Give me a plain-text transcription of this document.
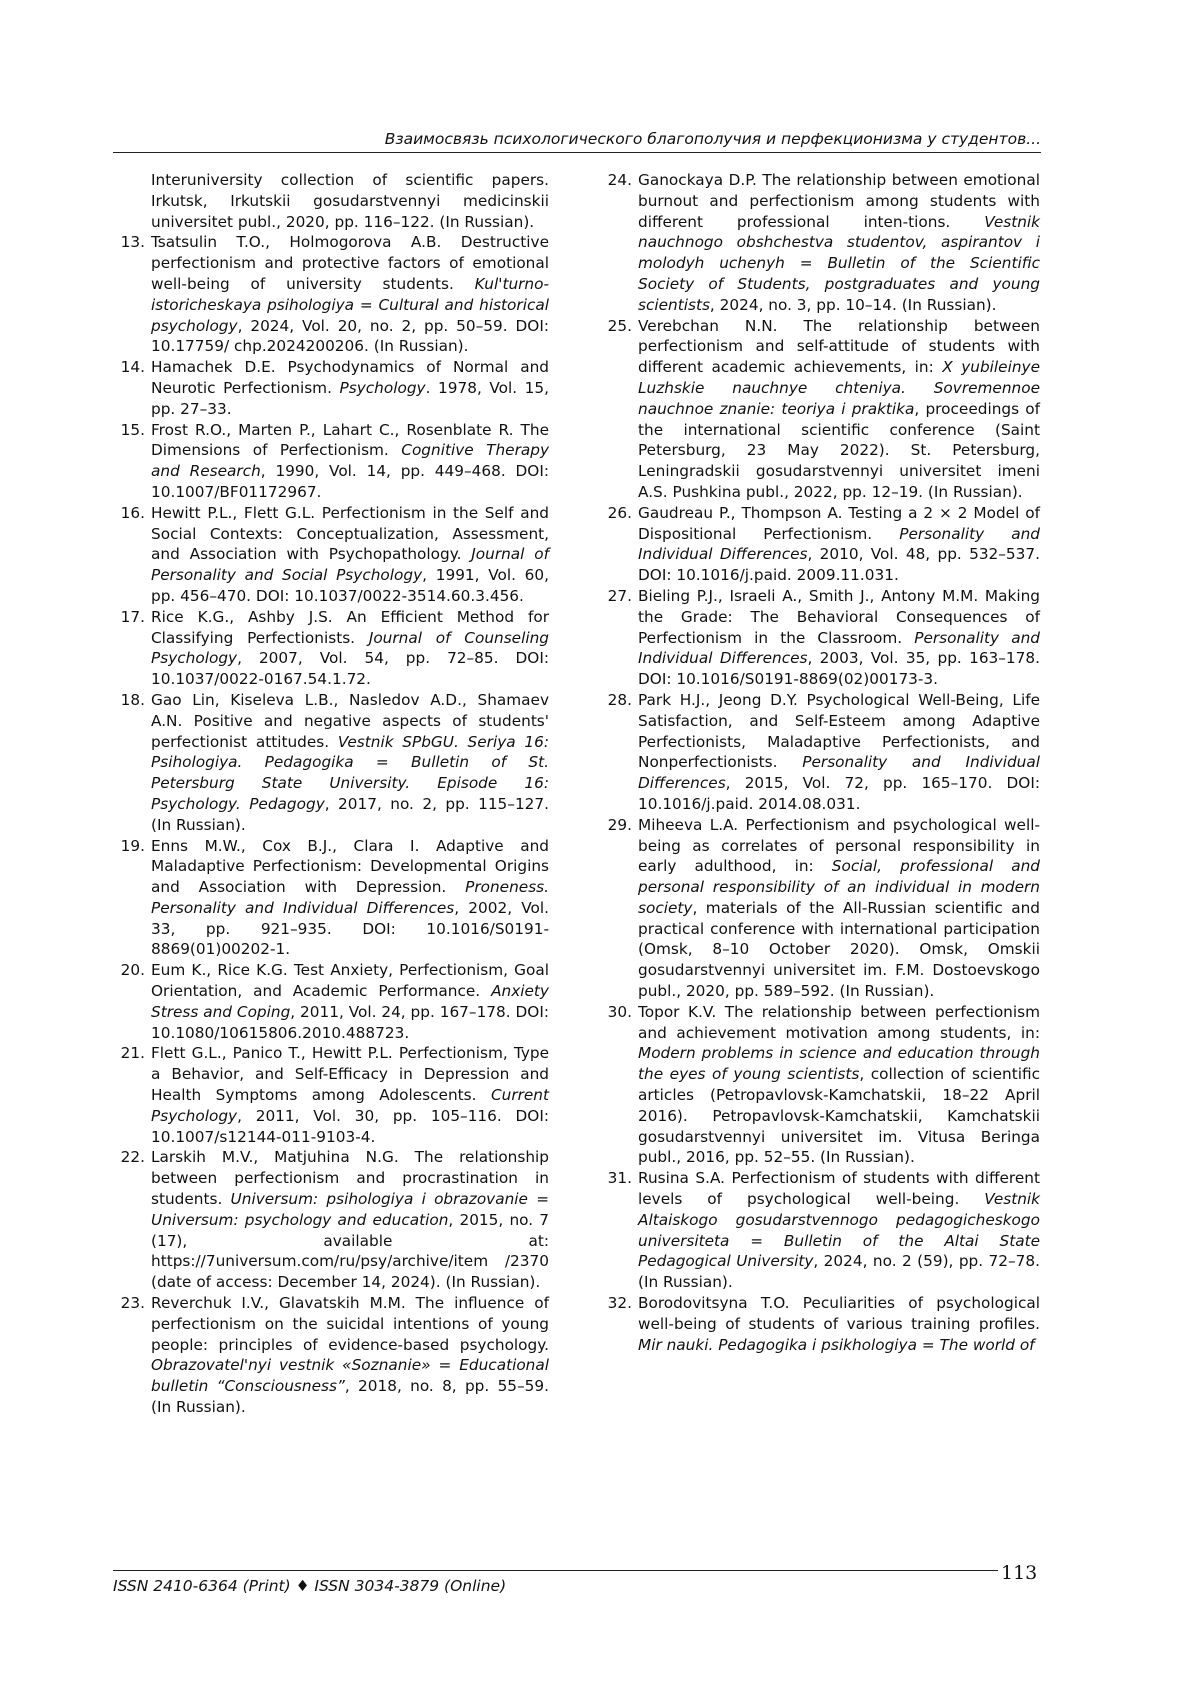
Взаимосвязь психологического благополучия и перфекционизма у студентов...

Interuniversity collection of scientific papers. Irkutsk, Irkutskii gosudarstvennyi medicinskii universitet publ., 2020, pp. 116–122. (In Russian).

13. Tsatsulin T.O., Holmogorova A.B. Destructive perfectionism and protective factors of emotional well-being of university students. Kul'turno-istoricheskaya psihologiya = Cultural and historical psychology, 2024, Vol. 20, no. 2, pp. 50–59. DOI: 10.17759/ chp.2024200206. (In Russian).

14. Hamachek D.E. Psychodynamics of Normal and Neurotic Perfectionism. Psychology. 1978, Vol. 15, pp. 27–33.

15. Frost R.O., Marten P., Lahart C., Rosenblate R. The Dimensions of Perfectionism. Cognitive Therapy and Research, 1990, Vol. 14, pp. 449–468. DOI: 10.1007/BF01172967.

16. Hewitt P.L., Flett G.L. Perfectionism in the Self and Social Contexts: Conceptualization, Assessment, and Association with Psychopathology. Journal of Personality and Social Psychology, 1991, Vol. 60, pp. 456–470. DOI: 10.1037/0022-3514.60.3.456.

17. Rice K.G., Ashby J.S. An Efficient Method for Classifying Perfectionists. Journal of Counseling Psychology, 2007, Vol. 54, pp. 72–85. DOI: 10.1037/0022-0167.54.1.72.

18. Gao Lin, Kiseleva L.B., Nasledov A.D., Shamaev A.N. Positive and negative aspects of students' perfectionist attitudes. Vestnik SPbGU. Seriya 16: Psihologiya. Pedagogika = Bulletin of St. Petersburg State University. Episode 16: Psychology. Pedagogy, 2017, no. 2, pp. 115–127. (In Russian).

19. Enns M.W., Cox B.J., Clara I. Adaptive and Maladaptive Perfectionism: Developmental Origins and Association with Depression. Proneness. Personality and Individual Differences, 2002, Vol. 33, pp. 921–935. DOI: 10.1016/S0191-8869(01)00202-1.

20. Eum K., Rice K.G. Test Anxiety, Perfectionism, Goal Orientation, and Academic Performance. Anxiety Stress and Coping, 2011, Vol. 24, pp. 167–178. DOI: 10.1080/10615806.2010.488723.

21. Flett G.L., Panico T., Hewitt P.L. Perfectionism, Type a Behavior, and Self-Efficacy in Depression and Health Symptoms among Adolescents. Current Psychology, 2011, Vol. 30, pp. 105–116. DOI: 10.1007/s12144-011-9103-4.

22. Larskih M.V., Matjuhina N.G. The relationship between perfectionism and procrastination in students. Universum: psihologiya i obrazovanie = Universum: psychology and education, 2015, no. 7 (17), available at: https://7universum.com/ru/psy/archive/item /2370 (date of access: December 14, 2024). (In Russian).

23. Reverchuk I.V., Glavatskih M.M. The influence of perfectionism on the suicidal intentions of young people: principles of evidence-based psychology. Obrazovatel'nyi vestnik «Soznanie» = Educational bulletin “Consciousness”, 2018, no. 8, pp. 55–59. (In Russian).

24. Ganockaya D.P. The relationship between emotional burnout and perfectionism among students with different professional inten-tions. Vestnik nauchnogo obshchestva studentov, aspirantov i molodyh uchenyh = Bulletin of the Scientific Society of Students, postgraduates and young scientists, 2024, no. 3, pp. 10–14. (In Russian).

25. Verebchan N.N. The relationship between perfectionism and self-attitude of students with different academic achievements, in: X yubileinye Luzhskie nauchnye chteniya. Sovremennoe nauchnoe znanie: teoriya i praktika, proceedings of the international scientific conference (Saint Petersburg, 23 May 2022). St. Petersburg, Leningradskii gosudarstvennyi universitet imeni A.S. Pushkina publ., 2022, pp. 12–19. (In Russian).

26. Gaudreau P., Thompson A. Testing a 2 × 2 Model of Dispositional Perfectionism. Personality and Individual Differences, 2010, Vol. 48, pp. 532–537. DOI: 10.1016/j.paid. 2009.11.031.

27. Bieling P.J., Israeli A., Smith J., Antony M.M. Making the Grade: The Behavioral Consequences of Perfectionism in the Classroom. Personality and Individual Differences, 2003, Vol. 35, pp. 163–178. DOI: 10.1016/S0191-8869(02)00173-3.

28. Park H.J., Jeong D.Y. Psychological Well-Being, Life Satisfaction, and Self-Esteem among Adaptive Perfectionists, Maladaptive Perfectionists, and Nonperfectionists. Personality and Individual Differences, 2015, Vol. 72, pp. 165–170. DOI: 10.1016/j.paid. 2014.08.031.

29. Miheeva L.A. Perfectionism and psychological well-being as correlates of personal responsibility in early adulthood, in: Social, professional and personal responsibility of an individual in modern society, materials of the All-Russian scientific and practical conference with international participation (Omsk, 8–10 October 2020). Omsk, Omskii gosudarstvennyi universitet im. F.M. Dostoevskogo publ., 2020, pp. 589–592. (In Russian).

30. Topor K.V. The relationship between perfectionism and achievement motivation among students, in: Modern problems in science and education through the eyes of young scientists, collection of scientific articles (Petropavlovsk-Kamchatskii, 18–22 April 2016). Petropavlovsk-Kamchatskii, Kamchatskii gosudarstvennyi universitet im. Vitusa Beringa publ., 2016, pp. 52–55. (In Russian).

31. Rusina S.A. Perfectionism of students with different levels of psychological well-being. Vestnik Altaiskogo gosudarstvennogo pedagogicheskogo universiteta = Bulletin of the Altai State Pedagogical University, 2024, no. 2 (59), pp. 72–78. (In Russian).

32. Borodovitsyna T.O. Peculiarities of psychological well-being of students of various training profiles. Mir nauki. Pedagogika i psikhologiya = The world of

ISSN 2410-6364 (Print) ♦ ISSN 3034-3879 (Online)
113
